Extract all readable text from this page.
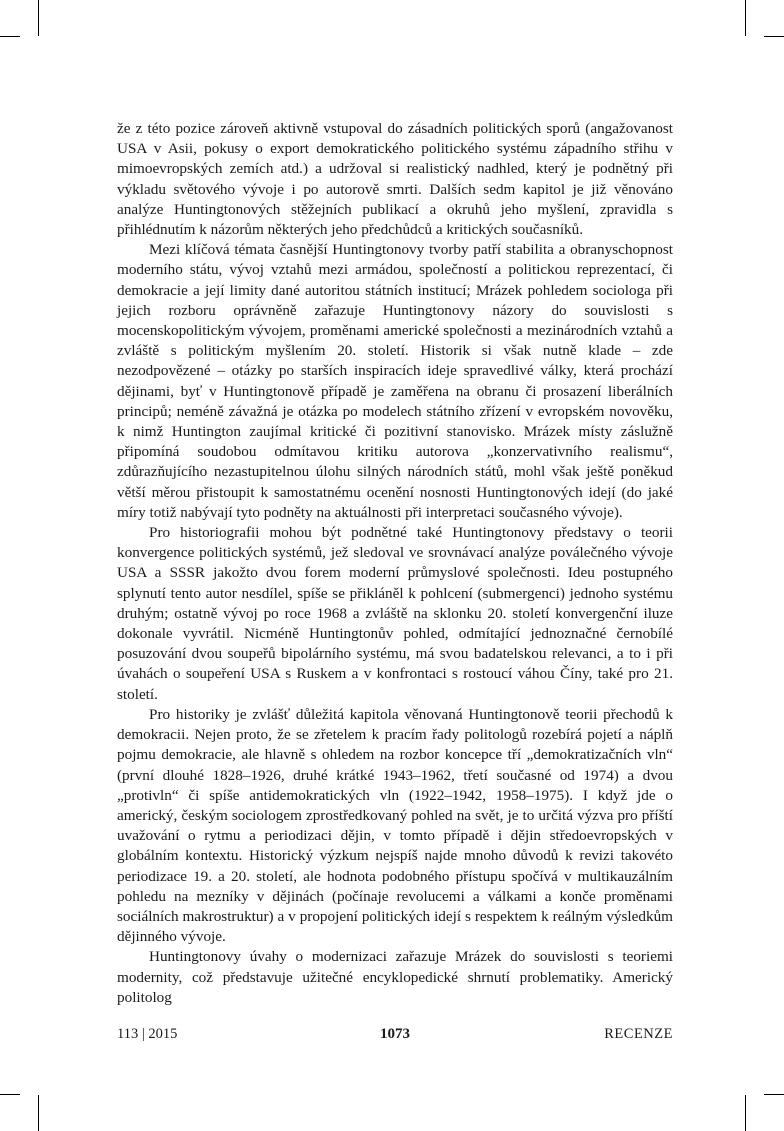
že z této pozice zároveň aktivně vstupoval do zásadních politických sporů (angažovanost USA v Asii, pokusy o export demokratického politického systému západního střihu v mimoevropských zemích atd.) a udržoval si realistický nadhled, který je podnětný při výkladu světového vývoje i po autorově smrti. Dalších sedm kapitol je již věnováno analýze Huntingtonových stěžejních publikací a okruhů jeho myšlení, zpravidla s přihlédnutím k názorům některých jeho předchůdců a kritických současníků.

Mezi klíčová témata časnější Huntingtonovy tvorby patří stabilita a obranyschopnost moderního státu, vývoj vztahů mezi armádou, společností a politickou reprezentací, či demokracie a její limity dané autoritou státních institucí; Mrázek pohledem sociologa při jejich rozboru oprávněně zařazuje Huntingtonovy názory do souvislosti s mocenskopolitickým vývojem, proměnami americké společnosti a mezinárodních vztahů a zvláště s politickým myšlením 20. století. Historik si však nutně klade – zde nezodpovězené – otázky po starších inspiracích ideje spravedlivé války, která prochází dějinami, byť v Huntingtonově případě je zaměřena na obranu či prosazení liberálních principů; neméně závažná je otázka po modelech státního zřízení v evropském novověku, k nimž Huntington zaujímal kritické či pozitivní stanovisko. Mrázek místy záslužně připomíná soudobou odmítavou kritiku autorova „konzervativního realismu“, zdůrazňujícího nezastupitelnou úlohu silných národních států, mohl však ještě poněkud větší měrou přistoupit k samostatnému ocenění nosnosti Huntingtonových idejí (do jaké míry totiž nabývají tyto podněty na aktuálnosti při interpretaci současného vývoje).

Pro historiografii mohou být podnětné také Huntingtonovy představy o teorii konvergence politických systémů, jež sledoval ve srovnávací analýze poválečného vývoje USA a SSSR jakožto dvou forem moderní průmyslové společnosti. Ideu postupného splynutí tento autor nesdílel, spíše se přikláněl k pohlcení (submergenci) jednoho systému druhým; ostatně vývoj po roce 1968 a zvláště na sklonku 20. století konvergenční iluze dokonale vyvrátil. Nicméně Huntingtonův pohled, odmítající jednoznačné černobílé posuzování dvou soupeřů bipolárního systému, má svou badatelskou relevanci, a to i při úvahách o soupeření USA s Ruskem a v konfrontaci s rostoucí váhou Číny, také pro 21. století.

Pro historiky je zvlášť důležitá kapitola věnovaná Huntingtonově teorii přechodů k demokracii. Nejen proto, že se zřetelem k pracím řady politologů rozebírá pojetí a náplň pojmu demokracie, ale hlavně s ohledem na rozbor koncepce tří „demokratizačních vln“ (první dlouhé 1828–1926, druhé krátké 1943–1962, třetí současné od 1974) a dvou „protivln“ či spíše antidemokratických vln (1922–1942, 1958–1975). I když jde o americký, českým sociologem zprostředkovaný pohled na svět, je to určitá výzva pro příští uvažování o rytmu a periodizaci dějin, v tomto případě i dějin středoevropských v globálním kontextu. Historický výzkum nejspíš najde mnoho důvodů k revizi takovéto periodizace 19. a 20. století, ale hodnota podobného přístupu spočívá v multikauzálním pohledu na mezníky v dějinách (počínaje revolucemi a válkami a konče proměnami sociálních makrostruktur) a v propojení politických idejí s respektem k reálným výsledkům dějinného vývoje.

Huntingtonovy úvahy o modernizaci zařazuje Mrázek do souvislosti s teoriemi modernity, což představuje užitečné encyklopedické shrnutí problematiky. Americký politolog

113 | 2015	1073	RECENZE
